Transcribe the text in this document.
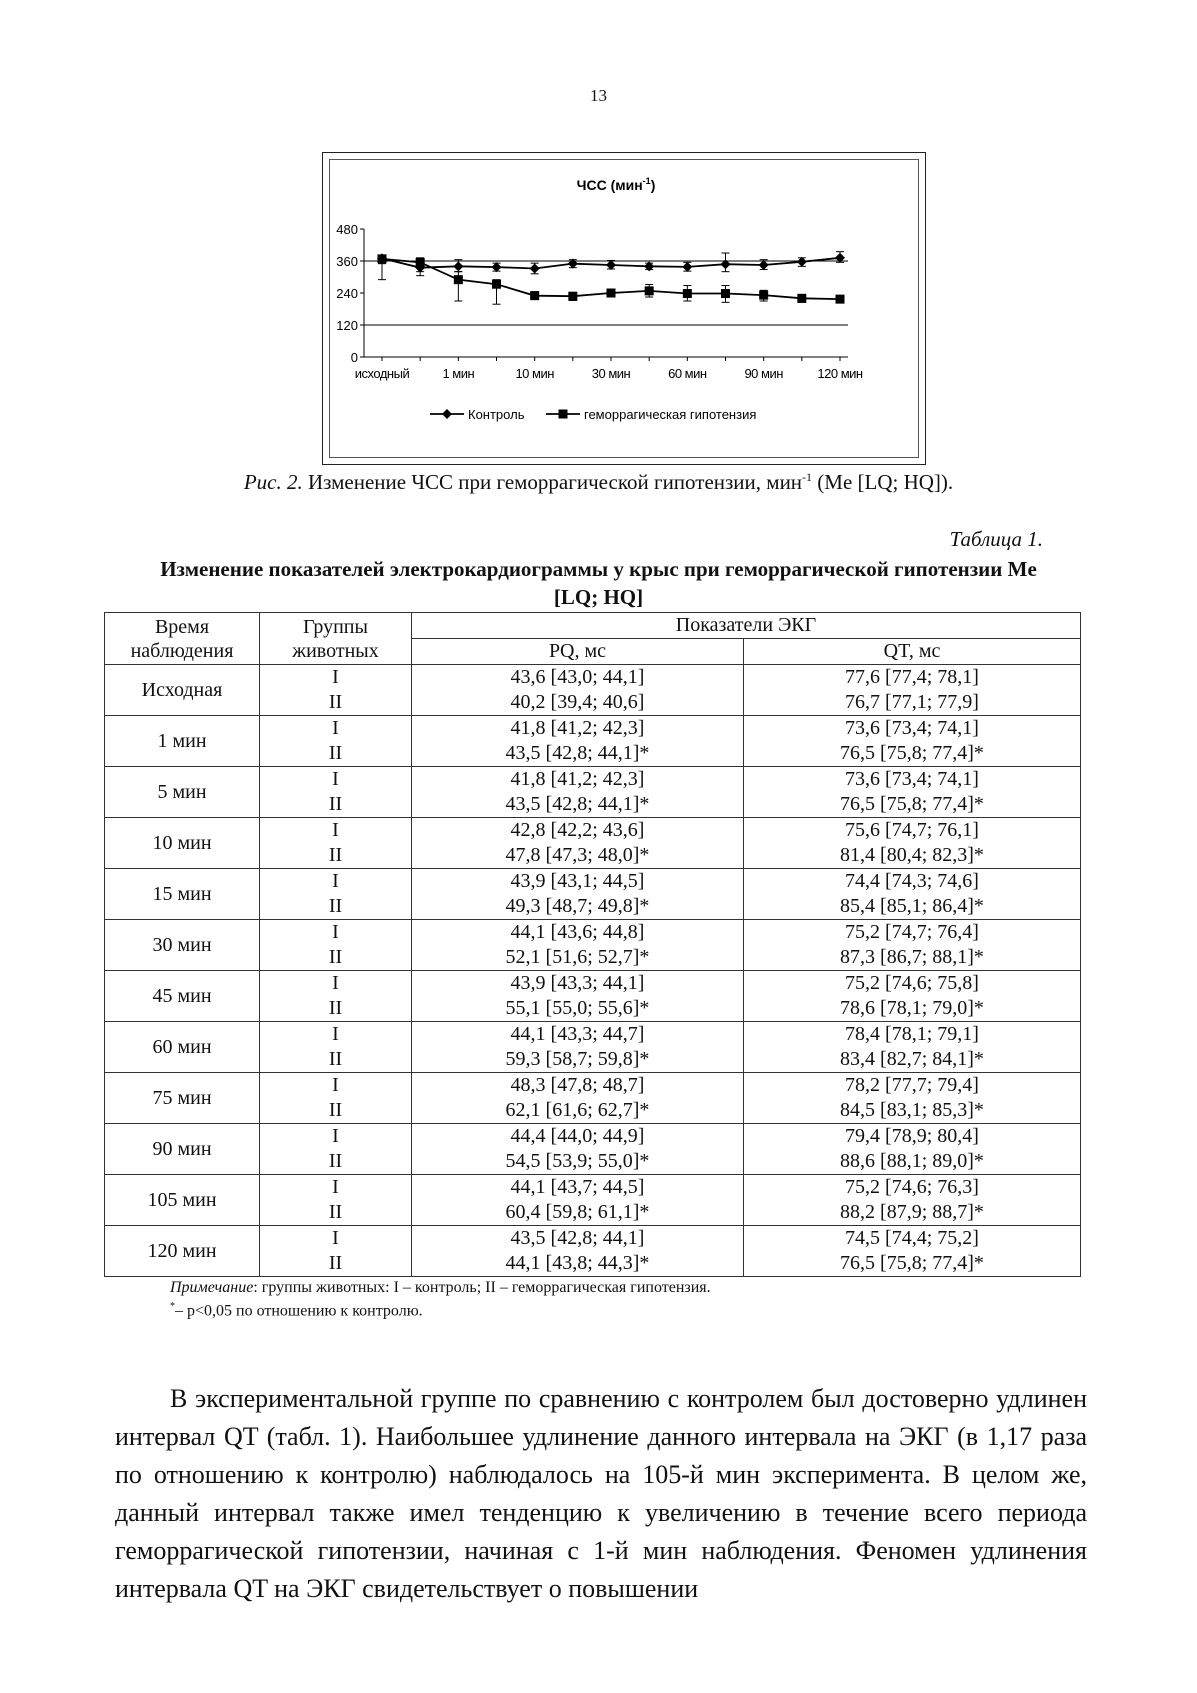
13
ЧСС (мин$^{-1}$)
0
120
240
360
480
исходный	1 мин	10 мин	30 мин	60 мин	90 мин	120 мин
Контроль	геморрагическая гипотензия
Рис. 2. Изменение ЧСС при геморрагической гипотензии, мин$^{-1}$ (Me [LQ; HQ]).
Таблица 1.
Изменение показателей электрокардиограммы у крыс при геморрагической гипотензии Me [LQ; HQ]
Время наблюдения	Группы животных	Показатели ЭКГ	
		PQ, мс	QT, мс
Исходная	I	43,6 [43,0; 44,1]	77,6 [77,4; 78,1]
	II	40,2 [39,4; 40,6]	76,7 [77,1; 77,9]
1 мин	I	41,8 [41,2; 42,3]	73,6 [73,4; 74,1]
	II	43,5 [42,8; 44,1]*	76,5 [75,8; 77,4]*
5 мин	I	41,8 [41,2; 42,3]	73,6 [73,4; 74,1]
	II	43,5 [42,8; 44,1]*	76,5 [75,8; 77,4]*
10 мин	I	42,8 [42,2; 43,6]	75,6 [74,7; 76,1]
	II	47,8 [47,3; 48,0]*	81,4 [80,4; 82,3]*
15 мин	I	43,9 [43,1; 44,5]	74,4 [74,3; 74,6]
	II	49,3 [48,7; 49,8]*	85,4 [85,1; 86,4]*
30 мин	I	44,1 [43,6; 44,8]	75,2 [74,7; 76,4]
	II	52,1 [51,6; 52,7]*	87,3 [86,7; 88,1]*
45 мин	I	43,9 [43,3; 44,1]	75,2 [74,6; 75,8]
	II	55,1 [55,0; 55,6]*	78,6 [78,1; 79,0]*
60 мин	I	44,1 [43,3; 44,7]	78,4 [78,1; 79,1]
	II	59,3 [58,7; 59,8]*	83,4 [82,7; 84,1]*
75 мин	I	48,3 [47,8; 48,7]	78,2 [77,7; 79,4]
	II	62,1 [61,6; 62,7]*	84,5 [83,1; 85,3]*
90 мин	I	44,4 [44,0; 44,9]	79,4 [78,9; 80,4]
	II	54,5 [53,9; 55,0]*	88,6 [88,1; 89,0]*
105 мин	I	44,1 [43,7; 44,5]	75,2 [74,6; 76,3]
	II	60,4 [59,8; 61,1]*	88,2 [87,9; 88,7]*
120 мин	I	43,5 [42,8; 44,1]	74,5 [74,4; 75,2]
	II	44,1 [43,8; 44,3]*	76,5 [75,8; 77,4]*
Примечание: группы животных: I – контроль; II – геморрагическая гипотензия.
*– р<0,05 по отношению к контролю.

В экспериментальной группе по сравнению с контролем был достоверно удлинен интервал QT (табл. 1). Наибольшее удлинение данного интервала на ЭКГ (в 1,17 раза по отношению к контролю) наблюдалось на 105-й мин эксперимента. В целом же, данный интервал также имел тенденцию к увеличению в течение всего периода геморрагической гипотензии, начиная с 1-й мин наблюдения. Феномен удлинения интервала QT на ЭКГ свидетельствует о повышении
